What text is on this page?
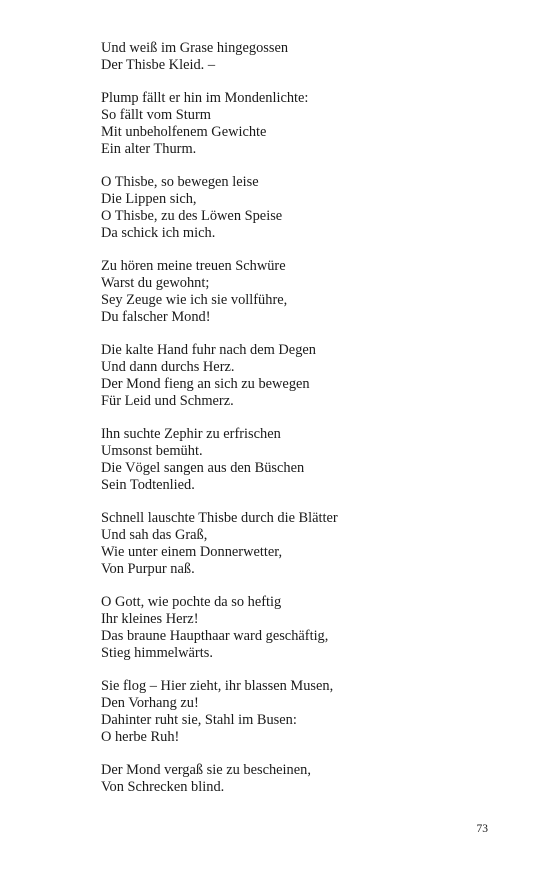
Und weiß im Grase hingegossen
Der Thisbe Kleid. –
Plump fällt er hin im Mondenlichte:
So fällt vom Sturm
Mit unbeholfenem Gewichte
Ein alter Thurm.
O Thisbe, so bewegen leise
Die Lippen sich,
O Thisbe, zu des Löwen Speise
Da schick ich mich.
Zu hören meine treuen Schwüre
Warst du gewohnt;
Sey Zeuge wie ich sie vollführe,
Du falscher Mond!
Die kalte Hand fuhr nach dem Degen
Und dann durchs Herz.
Der Mond fieng an sich zu bewegen
Für Leid und Schmerz.
Ihn suchte Zephir zu erfrischen
Umsonst bemüht.
Die Vögel sangen aus den Büschen
Sein Todtenlied.
Schnell lauschte Thisbe durch die Blätter
Und sah das Graß,
Wie unter einem Donnerwetter,
Von Purpur naß.
O Gott, wie pochte da so heftig
Ihr kleines Herz!
Das braune Haupthaar ward geschäftig,
Stieg himmelwärts.
Sie flog – Hier zieht, ihr blassen Musen,
Den Vorhang zu!
Dahinter ruht sie, Stahl im Busen:
O herbe Ruh!
Der Mond vergaß sie zu bescheinen,
Von Schrecken blind.
73
